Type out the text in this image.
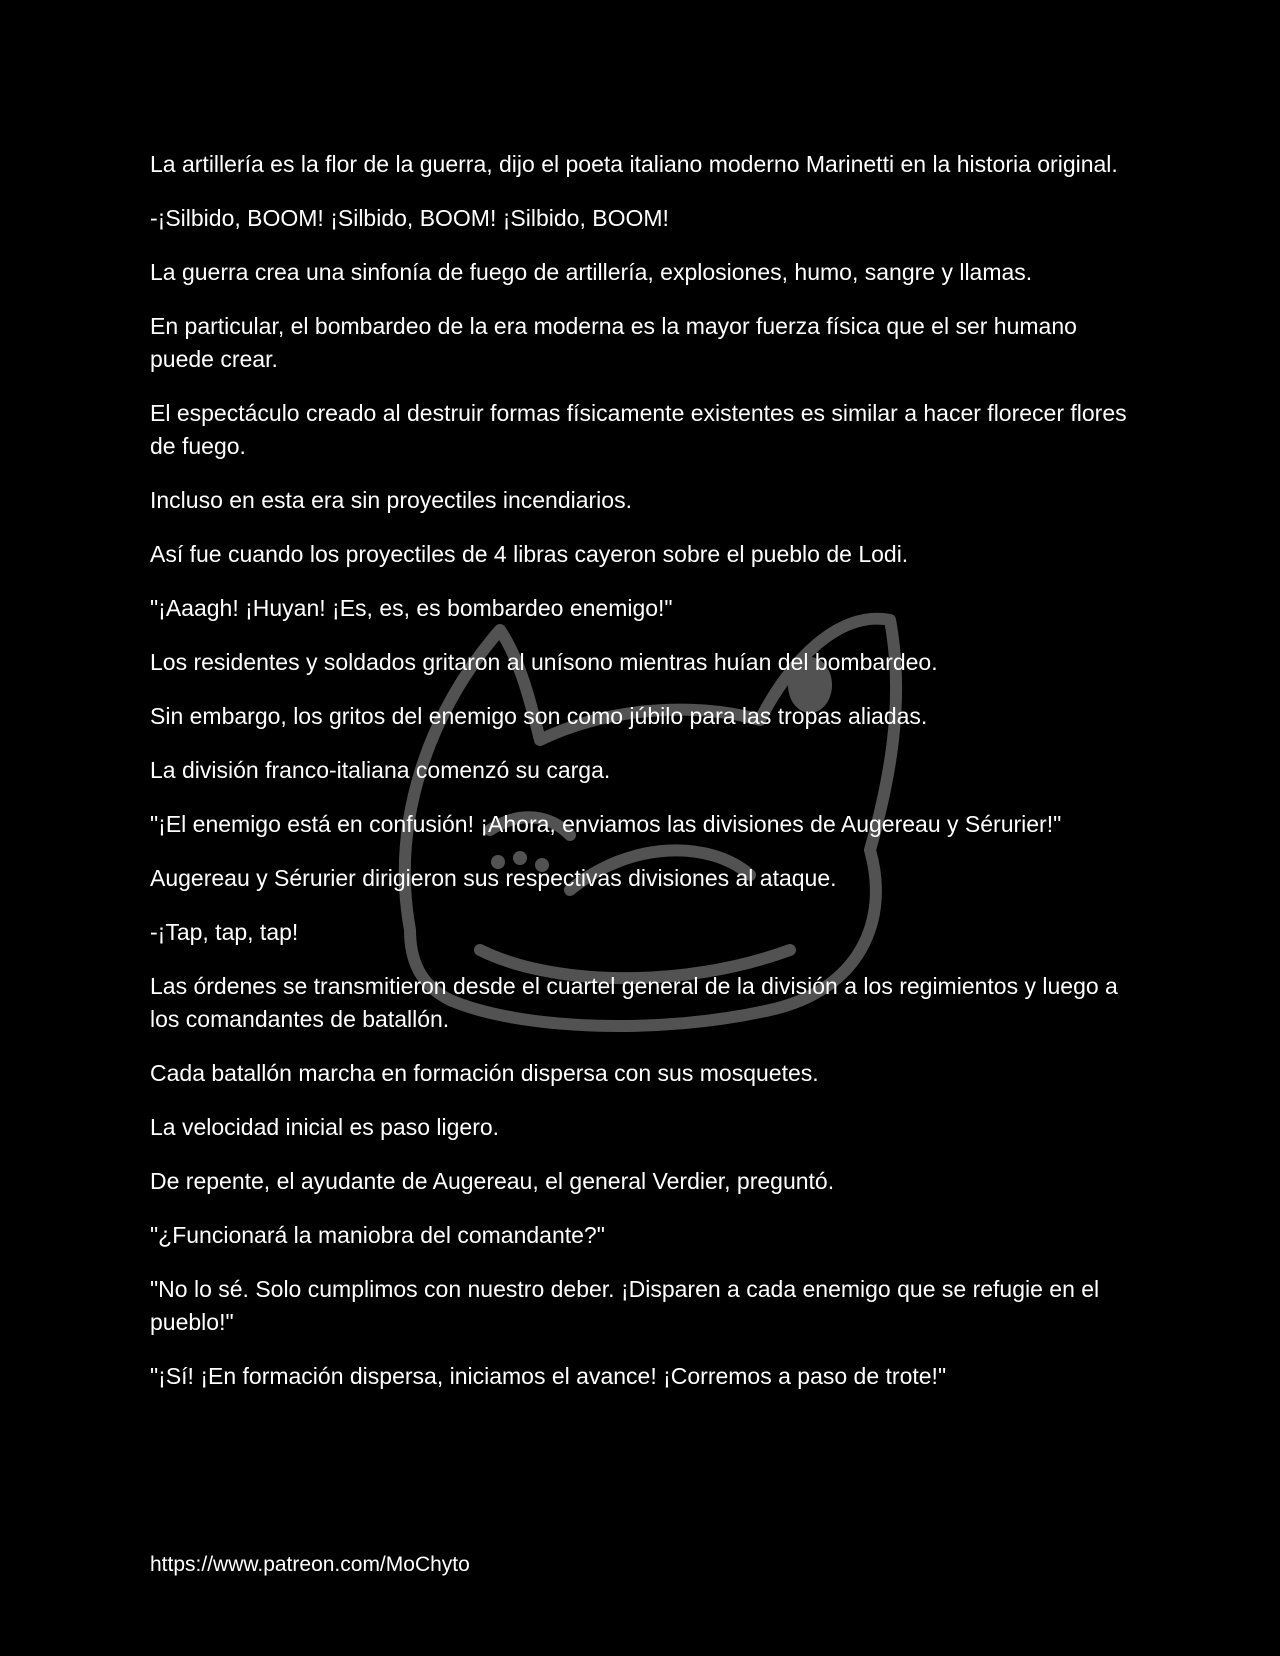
La artillería es la flor de la guerra, dijo el poeta italiano moderno Marinetti en la historia original.

-¡Silbido, BOOM! ¡Silbido, BOOM! ¡Silbido, BOOM!

La guerra crea una sinfonía de fuego de artillería, explosiones, humo, sangre y llamas.

En particular, el bombardeo de la era moderna es la mayor fuerza física que el ser humano puede crear.

El espectáculo creado al destruir formas físicamente existentes es similar a hacer florecer flores de fuego.

Incluso en esta era sin proyectiles incendiarios.

Así fue cuando los proyectiles de 4 libras cayeron sobre el pueblo de Lodi.

"¡Aaagh! ¡Huyan! ¡Es, es, es bombardeo enemigo!"

Los residentes y soldados gritaron al unísono mientras huían del bombardeo.

Sin embargo, los gritos del enemigo son como júbilo para las tropas aliadas.

La división franco-italiana comenzó su carga.

"¡El enemigo está en confusión! ¡Ahora, enviamos las divisiones de Augereau y Sérurier!"

Augereau y Sérurier dirigieron sus respectivas divisiones al ataque.

-¡Tap, tap, tap!

Las órdenes se transmitieron desde el cuartel general de la división a los regimientos y luego a los comandantes de batallón.

Cada batallón marcha en formación dispersa con sus mosquetes.

La velocidad inicial es paso ligero.

De repente, el ayudante de Augereau, el general Verdier, preguntó.

"¿Funcionará la maniobra del comandante?"

"No lo sé. Solo cumplimos con nuestro deber. ¡Disparen a cada enemigo que se refugie en el pueblo!"

"¡Sí! ¡En formación dispersa, iniciamos el avance! ¡Corremos a paso de trote!"

https://www.patreon.com/MoChyto
